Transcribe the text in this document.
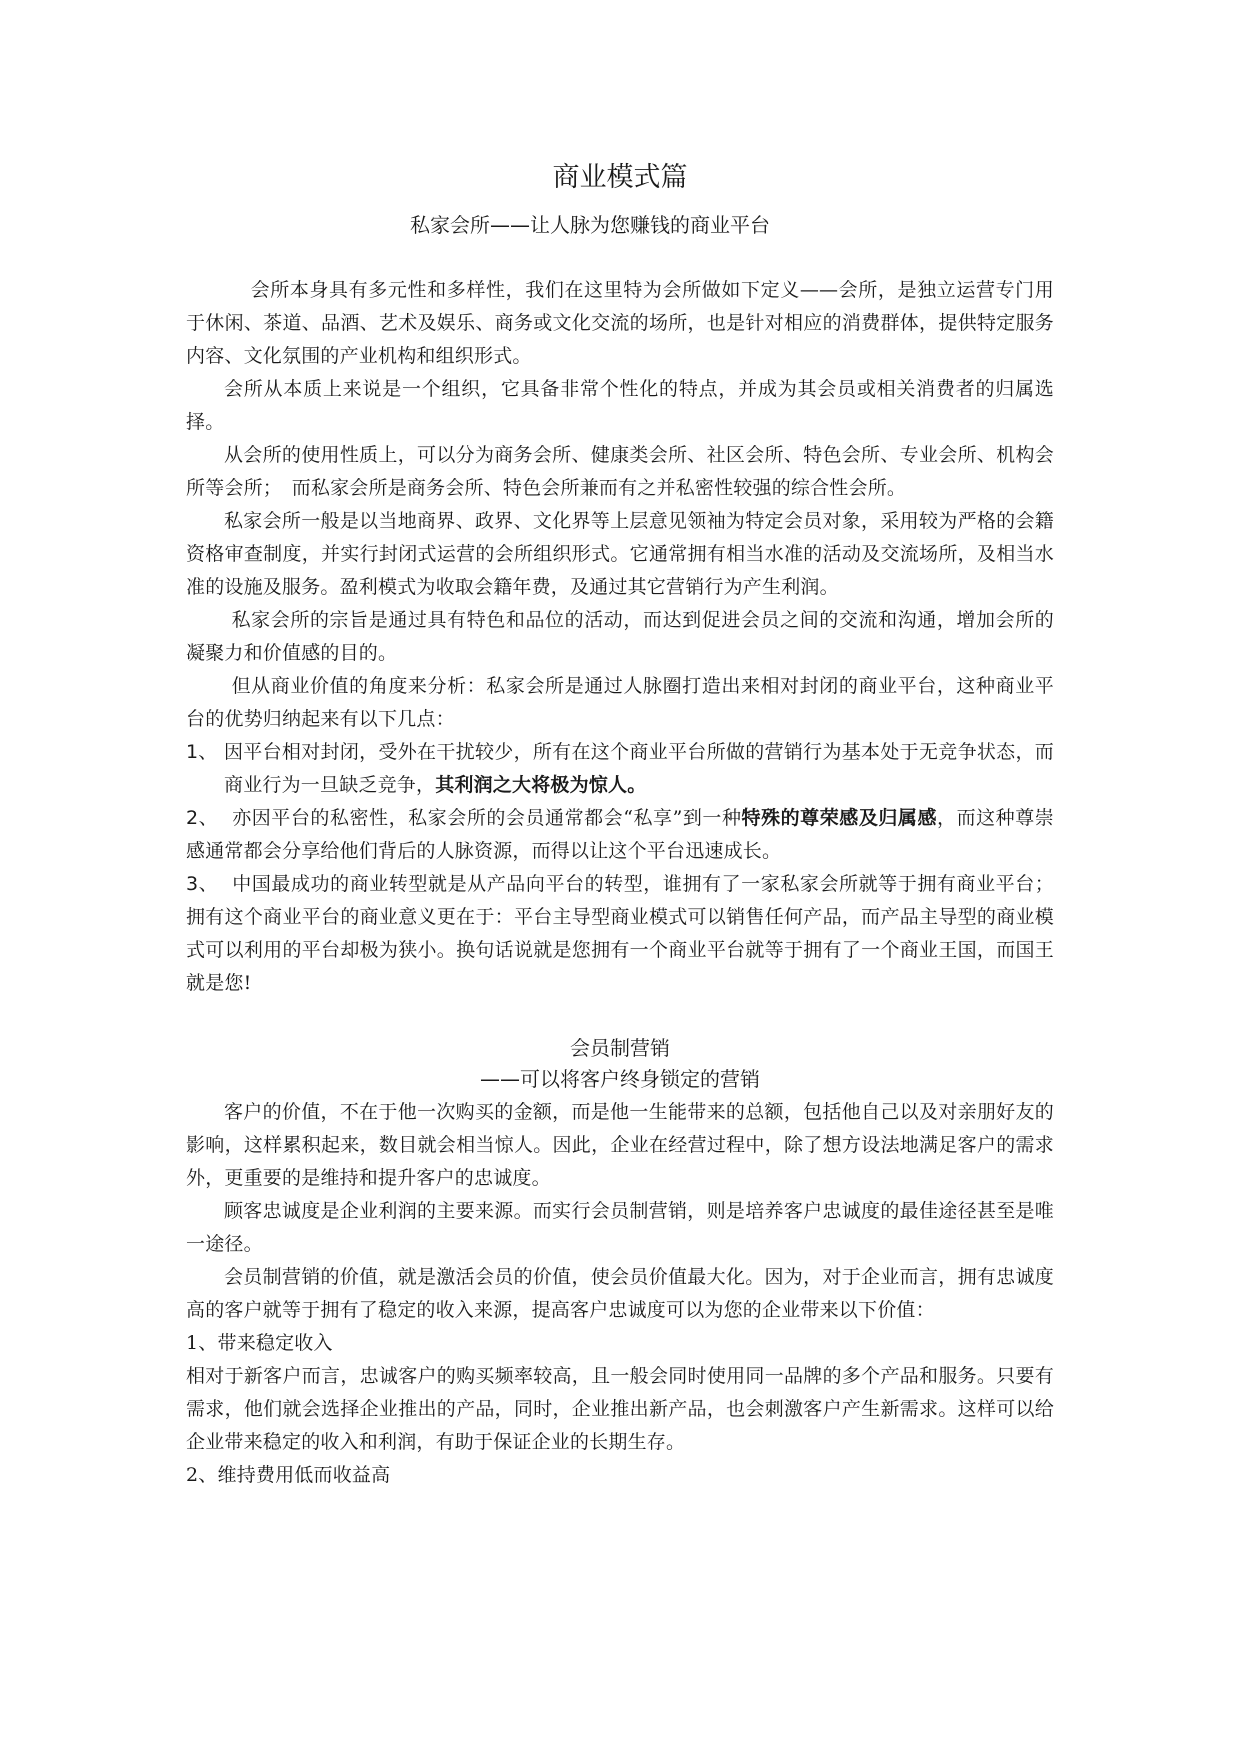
商业模式篇
私家会所——让人脉为您赚钱的商业平台

会所本身具有多元性和多样性，我们在这里特为会所做如下定义——会所，是独立运营专门用于休闲、茶道、品酒、艺术及娱乐、商务或文化交流的场所，也是针对相应的消费群体，提供特定服务内容、文化氛围的产业机构和组织形式。

会所从本质上来说是一个组织，它具备非常个性化的特点，并成为其会员或相关消费者的归属选择。

从会所的使用性质上，可以分为商务会所、健康类会所、社区会所、特色会所、专业会所、机构会所等会所；　而私家会所是商务会所、特色会所兼而有之并私密性较强的综合性会所。

私家会所一般是以当地商界、政界、文化界等上层意见领袖为特定会员对象，采用较为严格的会籍资格审查制度，并实行封闭式运营的会所组织形式。它通常拥有相当水准的活动及交流场所，及相当水准的设施及服务。盈利模式为收取会籍年费，及通过其它营销行为产生利润。

私家会所的宗旨是通过具有特色和品位的活动，而达到促进会员之间的交流和沟通，增加会所的凝聚力和价值感的目的。

但从商业价值的角度来分析：私家会所是通过人脉圈打造出来相对封闭的商业平台，这种商业平台的优势归纳起来有以下几点：

1、 因平台相对封闭，受外在干扰较少，所有在这个商业平台所做的营销行为基本处于无竞争状态，而商业行为一旦缺乏竞争，其利润之大将极为惊人。

2、 亦因平台的私密性，私家会所的会员通常都会“私享”到一种特殊的尊荣感及归属感，而这种尊崇感通常都会分享给他们背后的人脉资源，而得以让这个平台迅速成长。

3、 中国最成功的商业转型就是从产品向平台的转型，谁拥有了一家私家会所就等于拥有商业平台；拥有这个商业平台的商业意义更在于：平台主导型商业模式可以销售任何产品，而产品主导型的商业模式可以利用的平台却极为狭小。换句话说就是您拥有一个商业平台就等于拥有了一个商业王国，而国王就是您!

会员制营销
——可以将客户终身锁定的营销

客户的价值，不在于他一次购买的金额，而是他一生能带来的总额，包括他自己以及对亲朋好友的影响，这样累积起来，数目就会相当惊人。因此，企业在经营过程中，除了想方设法地满足客户的需求外，更重要的是维持和提升客户的忠诚度。

顾客忠诚度是企业利润的主要来源。而实行会员制营销，则是培养客户忠诚度的最佳途径甚至是唯一途径。

会员制营销的价值，就是激活会员的价值，使会员价值最大化。因为，对于企业而言，拥有忠诚度高的客户就等于拥有了稳定的收入来源，提高客户忠诚度可以为您的企业带来以下价值：

1、带来稳定收入

相对于新客户而言，忠诚客户的购买频率较高，且一般会同时使用同一品牌的多个产品和服务。只要有需求，他们就会选择企业推出的产品，同时，企业推出新产品，也会刺激客户产生新需求。这样可以给企业带来稳定的收入和利润，有助于保证企业的长期生存。

2、维持费用低而收益高
